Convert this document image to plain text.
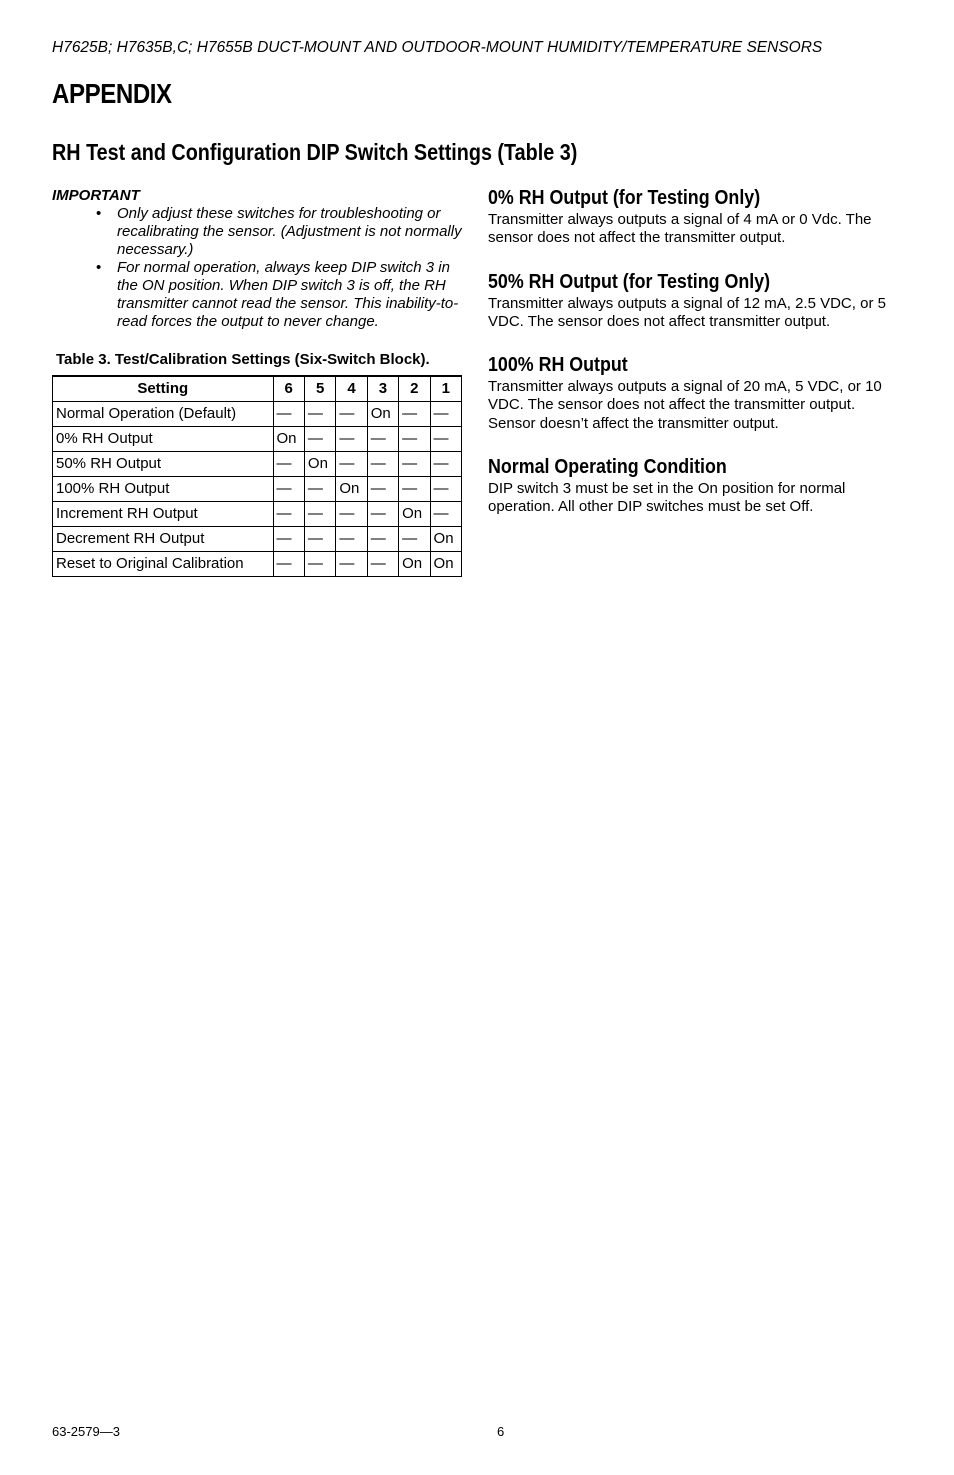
H7625B; H7635B,C; H7655B DUCT-MOUNT AND OUTDOOR-MOUNT HUMIDITY/TEMPERATURE SENSORS
APPENDIX
RH Test and Configuration DIP Switch Settings (Table 3)
IMPORTANT
• Only adjust these switches for troubleshooting or recalibrating the sensor. (Adjustment is not normally necessary.)
• For normal operation, always keep DIP switch 3 in the ON position. When DIP switch 3 is off, the RH transmitter cannot read the sensor. This inability-to-read forces the output to never change.
Table 3. Test/Calibration Settings (Six-Switch Block).
Setting	6	5	4	3	2	1
Normal Operation (Default)	—	—	—	On	—	—
0% RH Output	On	—	—	—	—	—
50% RH Output	—	On	—	—	—	—
100% RH Output	—	—	On	—	—	—
Increment RH Output	—	—	—	—	On	—
Decrement RH Output	—	—	—	—	—	On
Reset to Original Calibration	—	—	—	—	On	On
0% RH Output (for Testing Only)
Transmitter always outputs a signal of 4 mA or 0 Vdc. The sensor does not affect the transmitter output.
50% RH Output (for Testing Only)
Transmitter always outputs a signal of 12 mA, 2.5 VDC, or 5 VDC. The sensor does not affect transmitter output.
100% RH Output
Transmitter always outputs a signal of 20 mA, 5 VDC, or 10 VDC. The sensor does not affect the transmitter output. Sensor doesn’t affect the transmitter output.
Normal Operating Condition
DIP switch 3 must be set in the On position for normal operation. All other DIP switches must be set Off.
63-2579—3	6
